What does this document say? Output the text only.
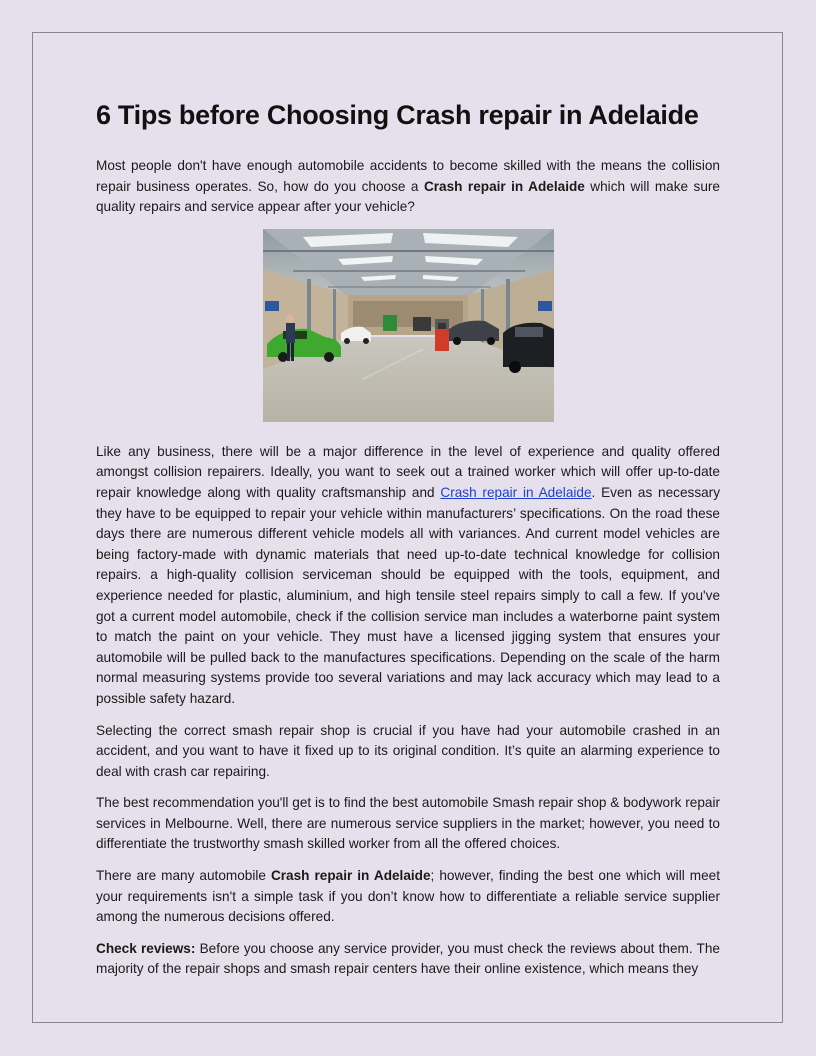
6 Tips before Choosing Crash repair in Adelaide

Most people don't have enough automobile accidents to become skilled with the means the collision repair business operates. So, how do you choose a Crash repair in Adelaide which will make sure quality repairs and service appear after your vehicle?

Like any business, there will be a major difference in the level of experience and quality offered amongst collision repairers. Ideally, you want to seek out a trained worker which will offer up-to-date repair knowledge along with quality craftsmanship and Crash repair in Adelaide. Even as necessary they have to be equipped to repair your vehicle within manufacturers’ specifications. On the road these days there are numerous different vehicle models all with variances. And current model vehicles are being factory-made with dynamic materials that need up-to-date technical knowledge for collision repairs. a high-quality collision serviceman should be equipped with the tools, equipment, and experience needed for plastic, aluminium, and high tensile steel repairs simply to call a few. If you've got a current model automobile, check if the collision service man includes a waterborne paint system to match the paint on your vehicle. They must have a licensed jigging system that ensures your automobile will be pulled back to the manufactures specifications. Depending on the scale of the harm normal measuring systems provide too several variations and may lack accuracy which may lead to a possible safety hazard.

Selecting the correct smash repair shop is crucial if you have had your automobile crashed in an accident, and you want to have it fixed up to its original condition. It’s quite an alarming experience to deal with crash car repairing.

The best recommendation you'll get is to find the best automobile Smash repair shop & bodywork repair services in Melbourne. Well, there are numerous service suppliers in the market; however, you need to differentiate the trustworthy smash skilled worker from all the offered choices.

There are many automobile Crash repair in Adelaide; however, finding the best one which will meet your requirements isn't a simple task if you don’t know how to differentiate a reliable service supplier among the numerous decisions offered.

Check reviews: Before you choose any service provider, you must check the reviews about them. The majority of the repair shops and smash repair centers have their online existence, which means they
